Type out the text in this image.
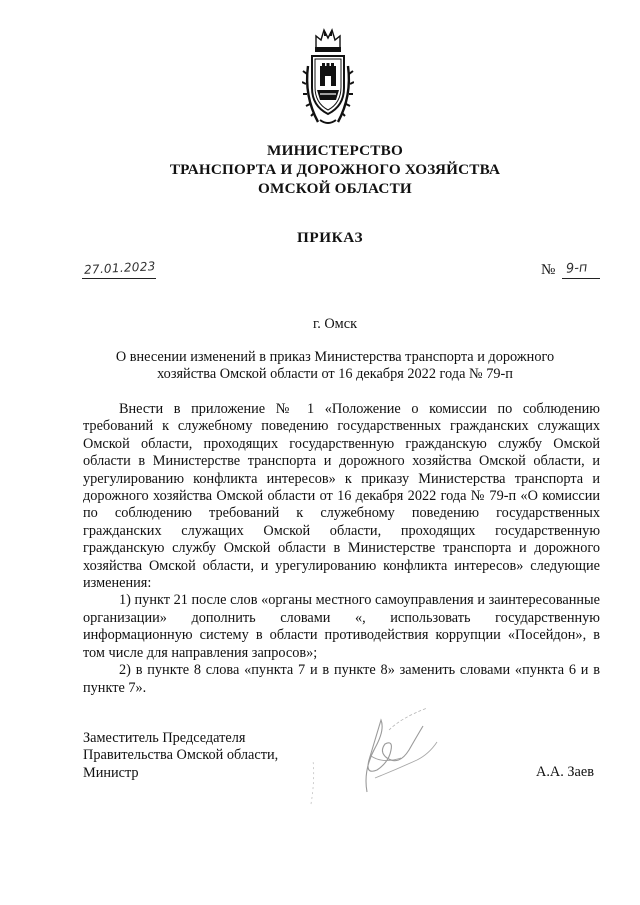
МИНИСТЕРСТВО
ТРАНСПОРТА И ДОРОЖНОГО ХОЗЯЙСТВА
ОМСКОЙ ОБЛАСТИ
ПРИКАЗ
27.01.2023	№ 9-п
г. Омск
О внесении изменений в приказ Министерства транспорта и дорожного
хозяйства Омской области от 16 декабря 2022 года № 79-п

Внести в приложение № 1 «Положение о комиссии по соблюдению требований к служебному поведению государственных гражданских служащих Омской области, проходящих государственную гражданскую службу Омской области в Министерстве транспорта и дорожного хозяйства Омской области, и урегулированию конфликта интересов» к приказу Министерства транспорта и дорожного хозяйства Омской области от 16 декабря 2022 года № 79-п «О комиссии по соблюдению требований к служебному поведению государственных гражданских служащих Омской области, проходящих государственную гражданскую службу Омской области в Министерстве транспорта и дорожного хозяйства Омской области, и урегулированию конфликта интересов» следующие изменения:

1) пункт 21 после слов «органы местного самоуправления и заинтересованные организации» дополнить словами «, использовать государственную информационную систему в области противодействия коррупции «Посейдон», в том числе для направления запросов»;

2) в пункте 8 слова «пункта 7 и в пункте 8» заменить словами «пункта 6 и в пункте 7».

Заместитель Председателя
Правительства Омской области,
Министр	А.А. Заев
